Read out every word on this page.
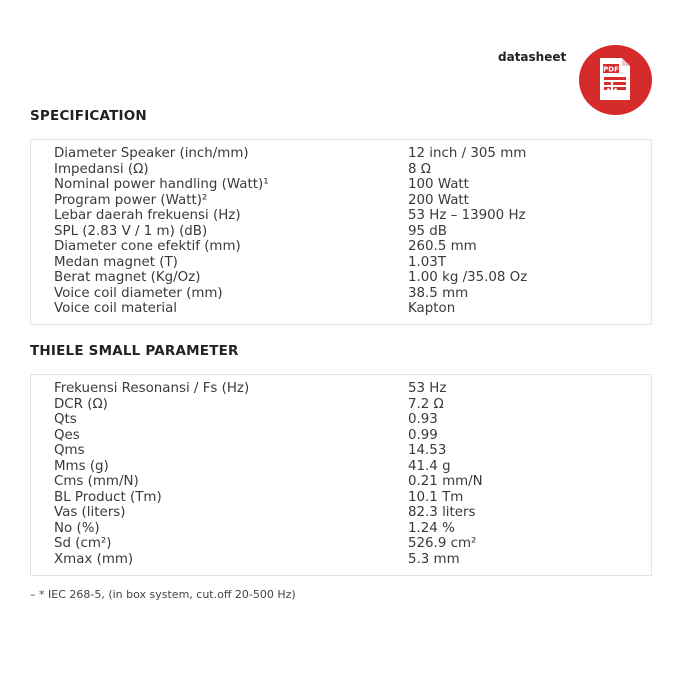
datasheet
PDF
SPECIFICATION
Diameter Speaker (inch/mm)	12 inch / 305 mm
Impedansi (Ω)	8 Ω
Nominal power handling (Watt)¹	100 Watt
Program power (Watt)²	200 Watt
Lebar daerah frekuensi (Hz)	53 Hz – 13900 Hz
SPL (2.83 V / 1 m) (dB)	95 dB
Diameter cone efektif (mm)	260.5 mm
Medan magnet (T)	1.03T
Berat magnet (Kg/Oz)	1.00 kg /35.08 Oz
Voice coil diameter (mm)	38.5 mm
Voice coil material	Kapton
THIELE SMALL PARAMETER
Frekuensi Resonansi / Fs (Hz)	53 Hz
DCR (Ω)	7.2 Ω
Qts	0.93
Qes	0.99
Qms	14.53
Mms (g)	41.4 g
Cms (mm/N)	0.21 mm/N
BL Product (Tm)	10.1 Tm
Vas (liters)	82.3 liters
No (%)	1.24 %
Sd (cm²)	526.9 cm²
Xmax (mm)	5.3 mm
– * IEC 268-5, (in box system, cut.off 20-500 Hz)
